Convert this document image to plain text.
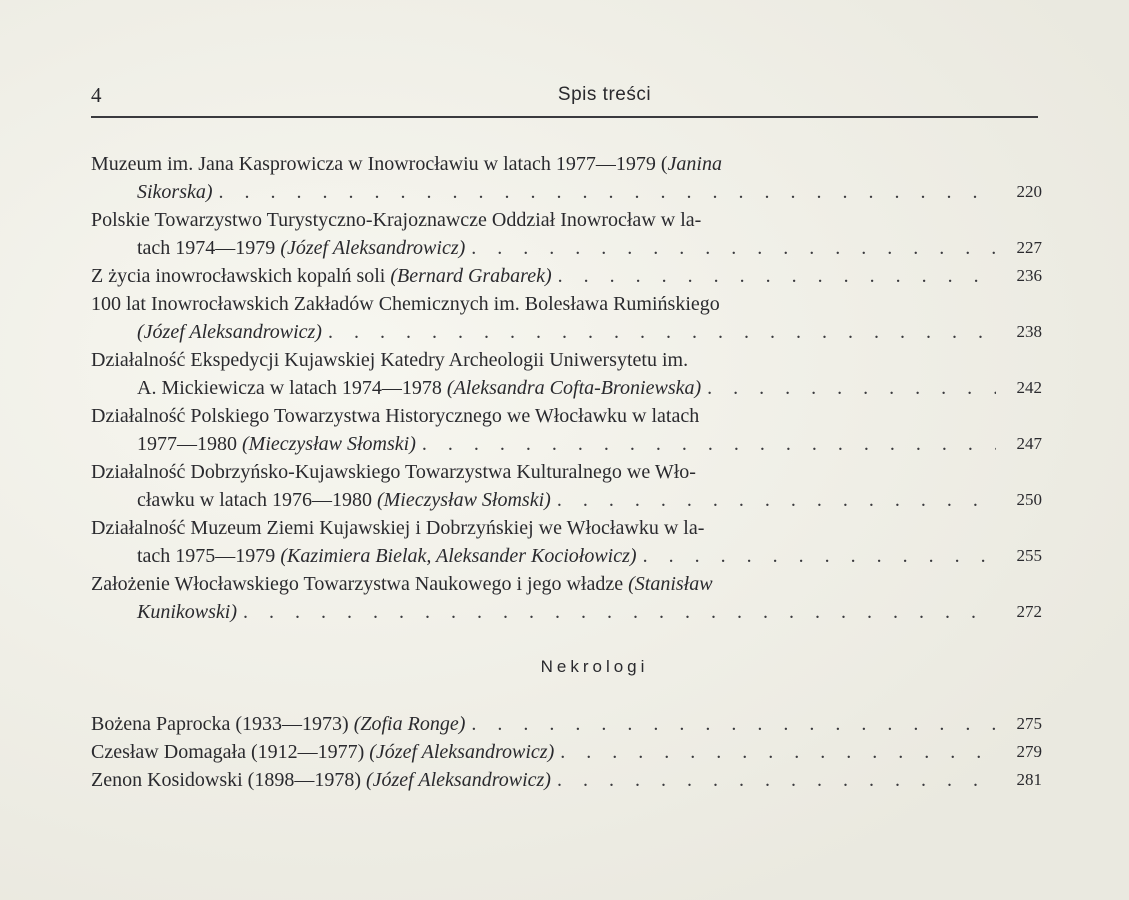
4	Spis treści
Muzeum im. Jana Kasprowicza w Inowrocławiu w latach 1977—1979 (Janina
Sikorska) . . .	220
Polskie Towarzystwo Turystyczno-Krajoznawcze Oddział Inowrocław w la-
tach 1974—1979 (Józef Aleksandrowicz) . . .	227
Z życia inowrocławskich kopalń soli (Bernard Grabarek) . . .	236
100 lat Inowrocławskich Zakładów Chemicznych im. Bolesława Rumińskiego
(Józef Aleksandrowicz) . . .	238
Działalność Ekspedycji Kujawskiej Katedry Archeologii Uniwersytetu im.
A. Mickiewicza w latach 1974—1978 (Aleksandra Cofta-Broniewska) . . .	242
Działalność Polskiego Towarzystwa Historycznego we Włocławku w latach
1977—1980 (Mieczysław Słomski) . . .	247
Działalność Dobrzyńsko-Kujawskiego Towarzystwa Kulturalnego we Wło-
cławku w latach 1976—1980 (Mieczysław Słomski) . . .	250
Działalność Muzeum Ziemi Kujawskiej i Dobrzyńskiej we Włocławku w la-
tach 1975—1979 (Kazimiera Bielak, Aleksander Kociołowicz) . . .	255
Założenie Włocławskiego Towarzystwa Naukowego i jego władze (Stanisław
Kunikowski) . . .	272
Nekrologi
Bożena Paprocka (1933—1973) (Zofia Ronge) . . .	275
Czesław Domagała (1912—1977) (Józef Aleksandrowicz) . . .	279
Zenon Kosidowski (1898—1978) (Józef Aleksandrowicz) . . .	281
